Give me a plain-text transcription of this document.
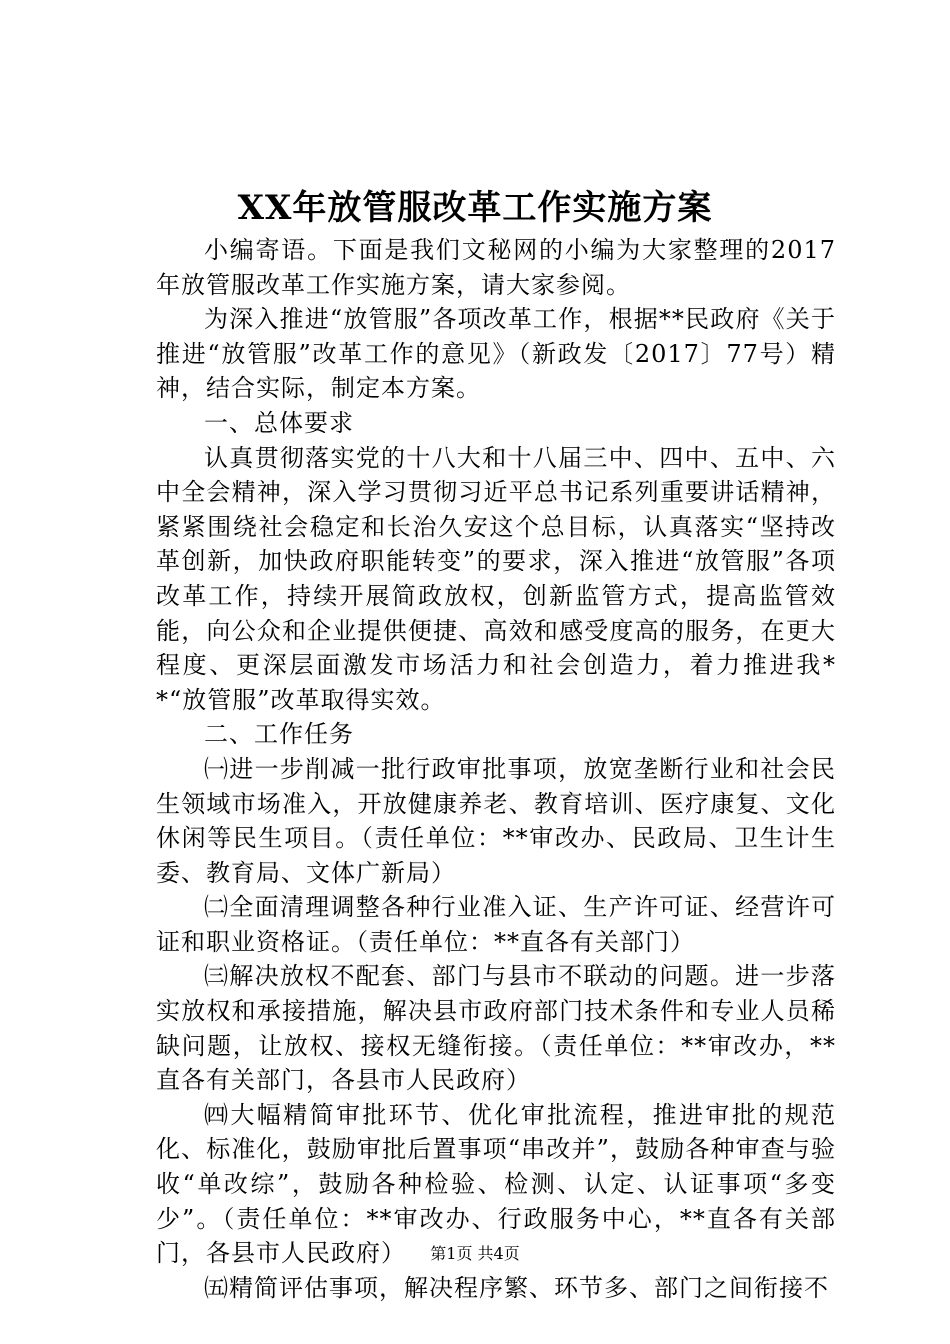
XX年放管服改革工作实施方案

小编寄语。下面是我们文秘网的小编为大家整理的2017年放管服改革工作实施方案，请大家参阅。

为深入推进“放管服”各项改革工作，根据**民政府《关于推进“放管服”改革工作的意见》（新政发〔2017〕77号）精神，结合实际，制定本方案。

一、总体要求

认真贯彻落实党的十八大和十八届三中、四中、五中、六中全会精神，深入学习贯彻习近平总书记系列重要讲话精神，紧紧围绕社会稳定和长治久安这个总目标，认真落实“坚持改革创新，加快政府职能转变”的要求，深入推进“放管服”各项改革工作，持续开展简政放权，创新监管方式，提高监管效能，向公众和企业提供便捷、高效和感受度高的服务，在更大程度、更深层面激发市场活力和社会创造力，着力推进我**“放管服”改革取得实效。

二、工作任务

㈠进一步削减一批行政审批事项，放宽垄断行业和社会民生领域市场准入，开放健康养老、教育培训、医疗康复、文化休闲等民生项目。（责任单位：**审改办、民政局、卫生计生委、教育局、文体广新局）

㈡全面清理调整各种行业准入证、生产许可证、经营许可证和职业资格证。（责任单位：**直各有关部门）

㈢解决放权不配套、部门与县市不联动的问题。进一步落实放权和承接措施，解决县市政府部门技术条件和专业人员稀缺问题，让放权、接权无缝衔接。（责任单位：**审改办，**直各有关部门，各县市人民政府）

㈣大幅精简审批环节、优化审批流程，推进审批的规范化、标准化，鼓励审批后置事项“串改并”，鼓励各种审查与验收“单改综”，鼓励各种检验、检测、认定、认证事项“多变少”。（责任单位：**审改办、行政服务中心，**直各有关部门，各县市人民政府）

㈤精简评估事项，解决程序繁、环节多、部门之间衔接不

第1页 共4页
